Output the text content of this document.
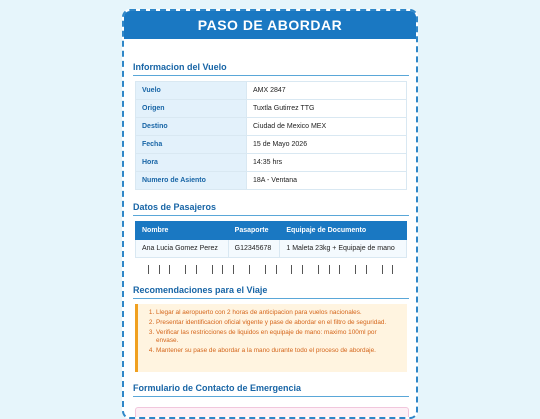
PASO DE ABORDAR
Informacion del Vuelo
Vuelo	AMX 2847
Origen	Tuxtla Gutirrez TTG
Destino	Ciudad de Mexico MEX
Fecha	15 de Mayo 2026
Hora	14:35 hrs
Numero de Asiento	18A - Ventana
Datos de Pasajeros
Nombre	Pasaporte	Equipaje de Documento
Ana Lucia Gomez Perez	G12345678	1 Maleta 23kg + Equipaje de mano
Recomendaciones para el Viaje
1. Llegar al aeropuerto con 2 horas de anticipacion para vuelos nacionales.
2. Presentar identificacion oficial vigente y pase de abordar en el filtro de seguridad.
3. Verificar las restricciones de liquidos en equipaje de mano: maximo 100ml por envase.
4. Mantener su pase de abordar a la mano durante todo el proceso de abordaje.
Formulario de Contacto de Emergencia
